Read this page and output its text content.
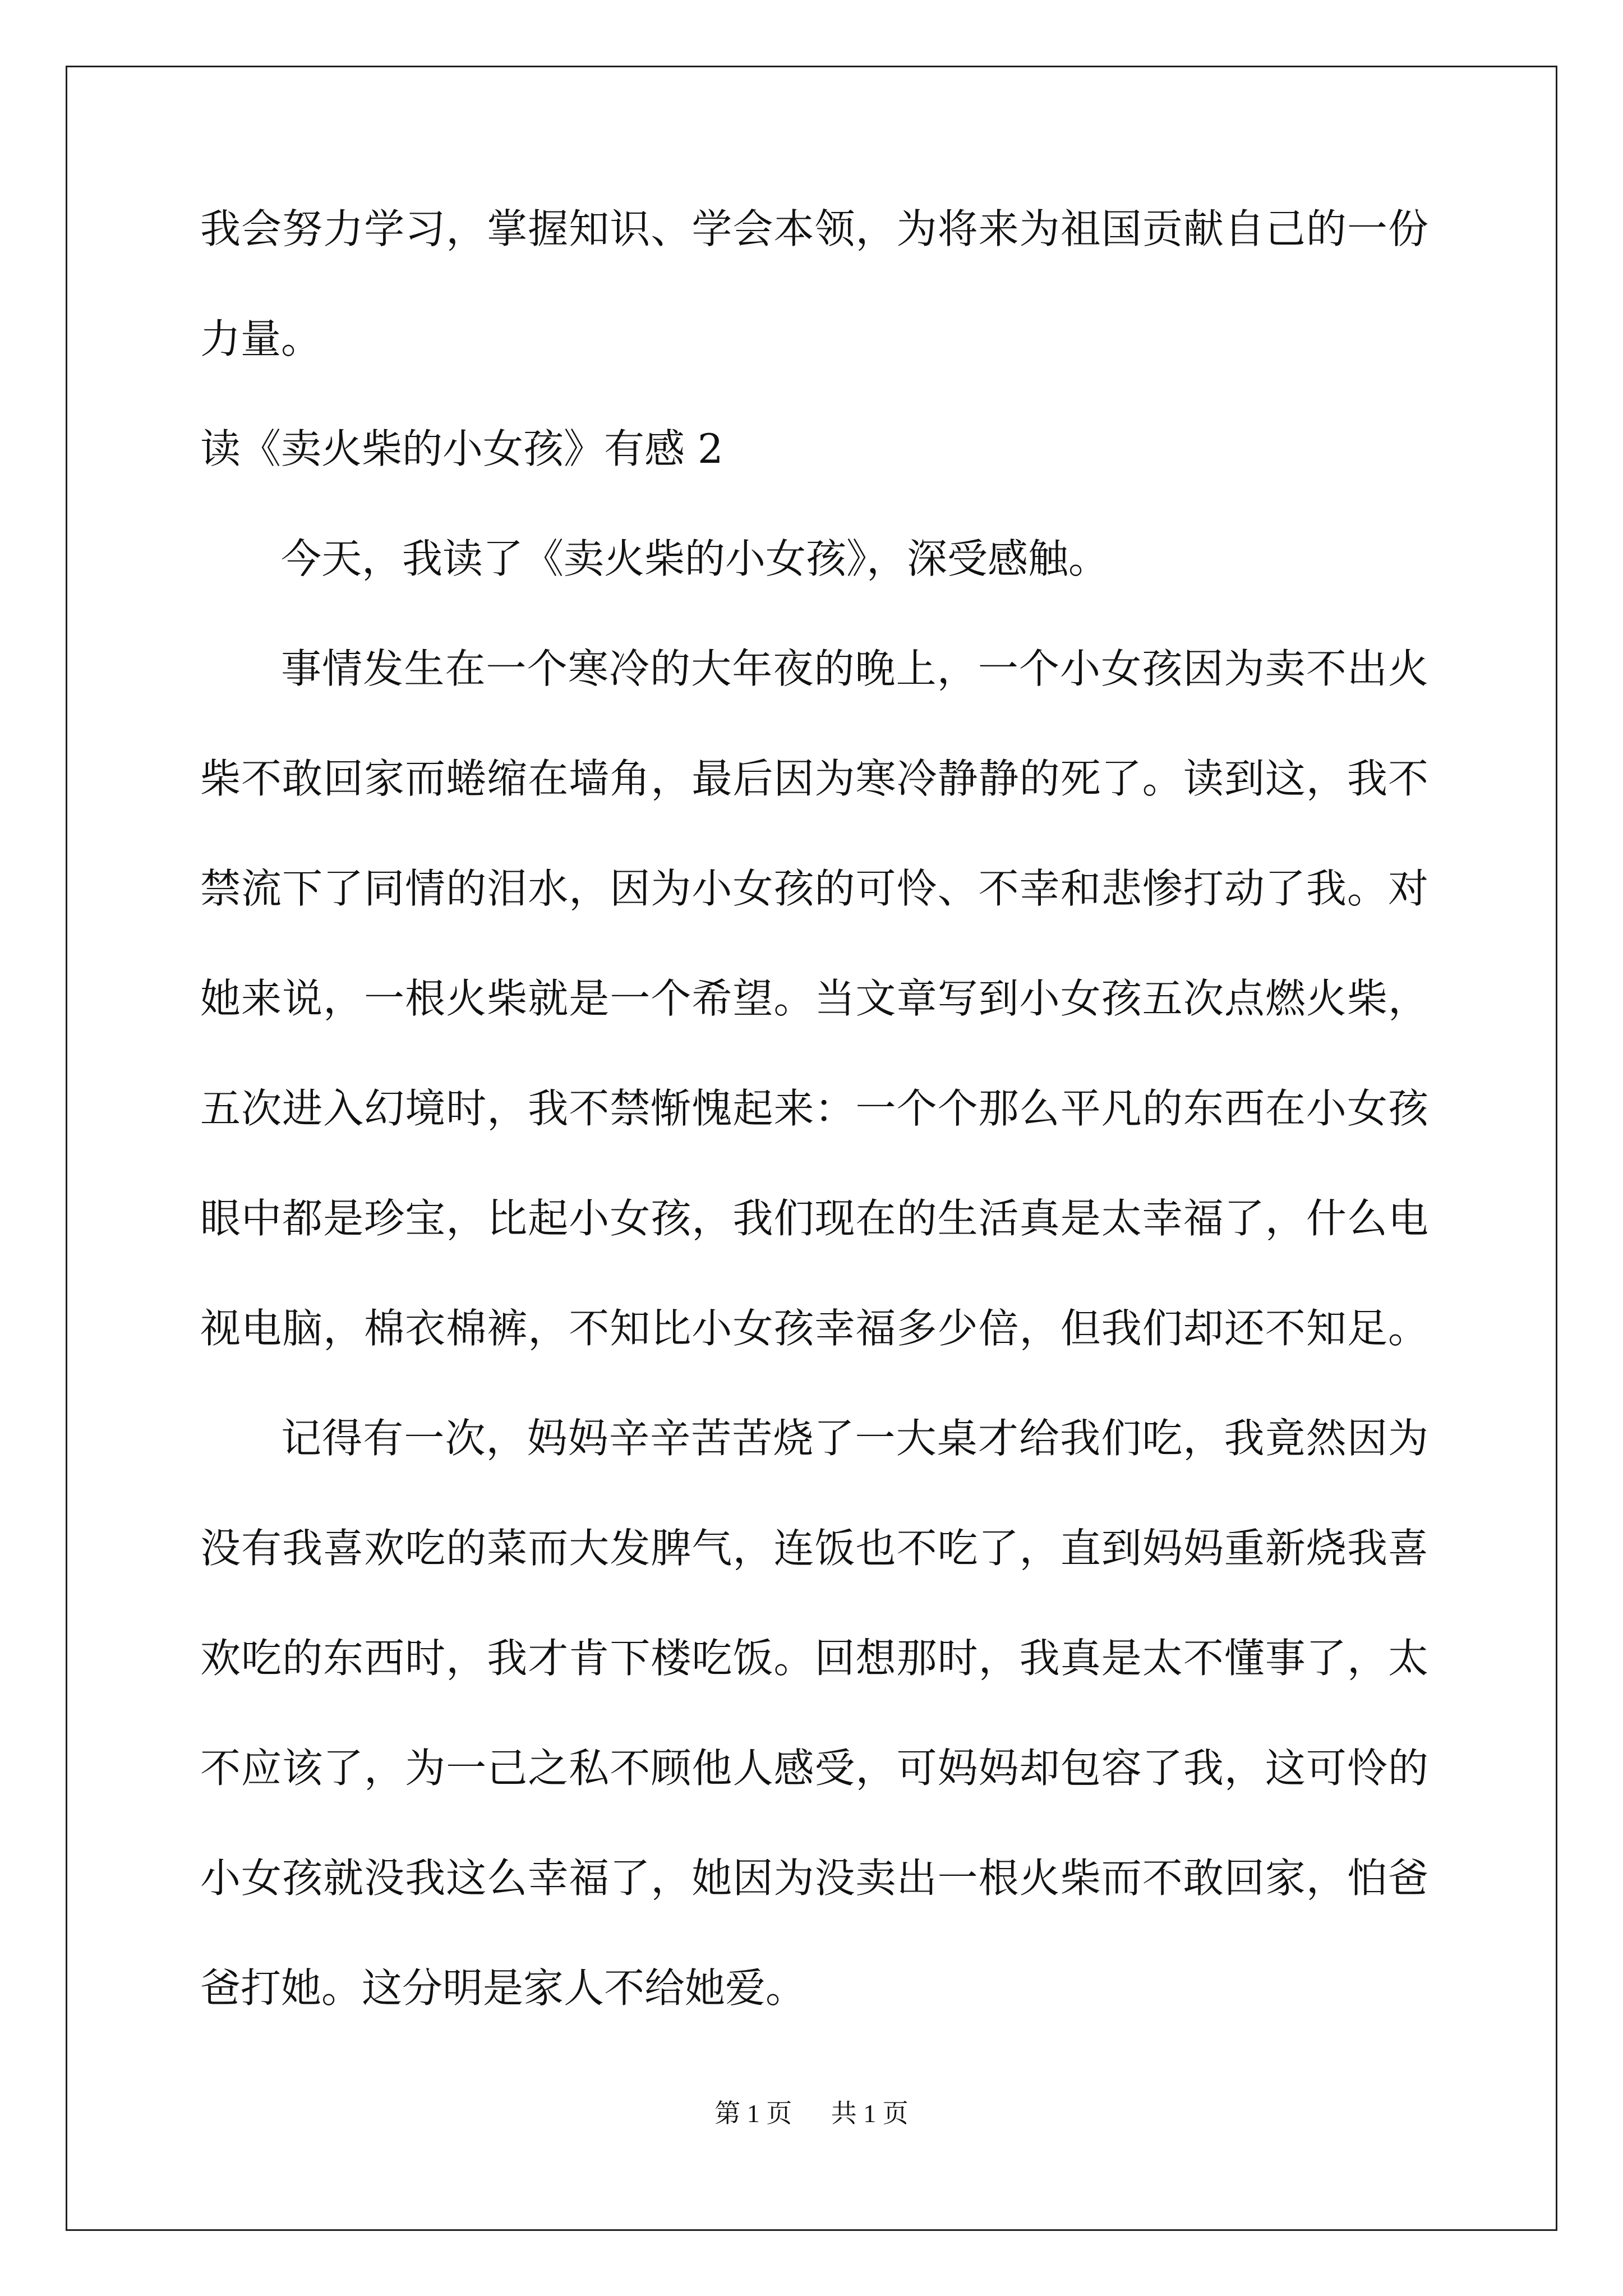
我会努力学习，掌握知识、学会本领，为将来为祖国贡献自己的一份

力量。

读《卖火柴的小女孩》有感 2

今天，我读了《卖火柴的小女孩》，深受感触。

事情发生在一个寒冷的大年夜的晚上，一个小女孩因为卖不出火

柴不敢回家而蜷缩在墙角，最后因为寒冷静静的死了。读到这，我不

禁流下了同情的泪水，因为小女孩的可怜、不幸和悲惨打动了我。对

她来说，一根火柴就是一个希望。当文章写到小女孩五次点燃火柴，

五次进入幻境时，我不禁惭愧起来：一个个那么平凡的东西在小女孩

眼中都是珍宝，比起小女孩，我们现在的生活真是太幸福了，什么电

视电脑，棉衣棉裤，不知比小女孩幸福多少倍，但我们却还不知足。

记得有一次，妈妈辛辛苦苦烧了一大桌才给我们吃，我竟然因为

没有我喜欢吃的菜而大发脾气，连饭也不吃了，直到妈妈重新烧我喜

欢吃的东西时，我才肯下楼吃饭。回想那时，我真是太不懂事了，太

不应该了，为一己之私不顾他人感受，可妈妈却包容了我，这可怜的

小女孩就没我这么幸福了，她因为没卖出一根火柴而不敢回家，怕爸

爸打她。这分明是家人不给她爱。

第 1 页 共 1 页
